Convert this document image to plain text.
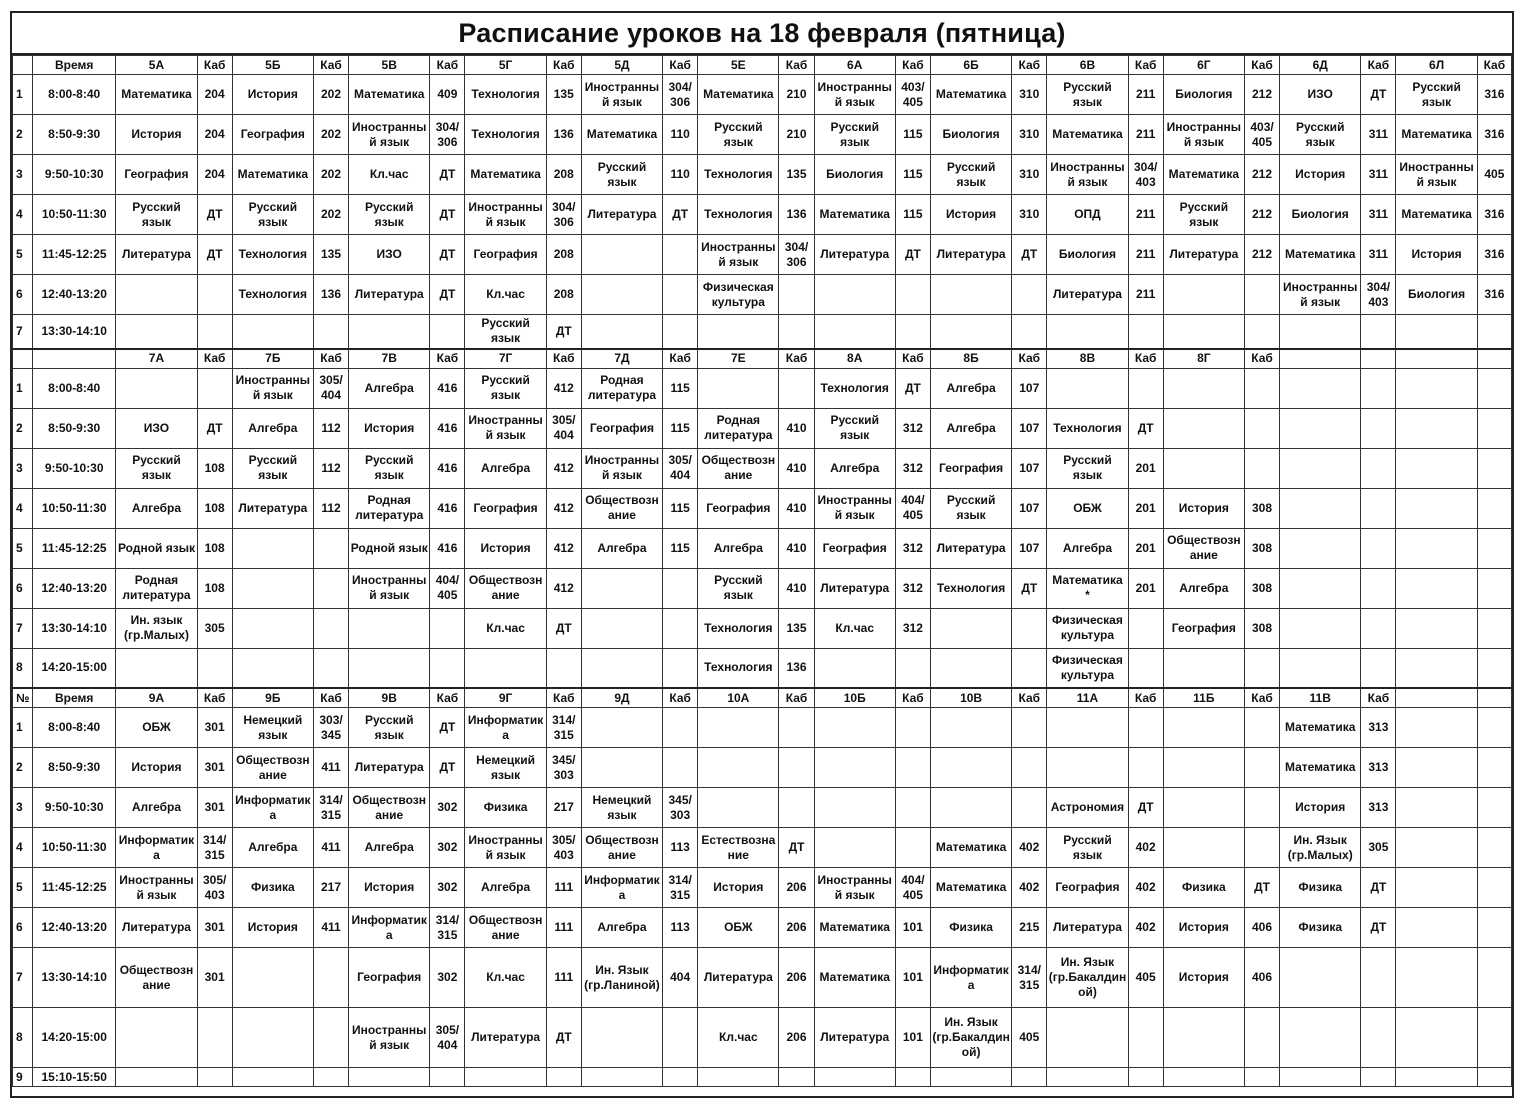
Расписание уроков на 18 февраля (пятница)
	Время	5А	Каб	5Б	Каб	5В	Каб	5Г	Каб	5Д	Каб	5Е	Каб	6А	Каб	6Б	Каб	6В	Каб	6Г	Каб	6Д	Каб	6Л	Каб
1	8:00-8:40	Математика	204	История	202	Математика	409	Технология	135	Иностранный язык	304/ 306	Математика	210	Иностранный язык	403/ 405	Математика	310	Русский язык	211	Биология	212	ИЗО	ДТ	Русский язык	316
2	8:50-9:30	История	204	География	202	Иностранный язык	304/ 306	Технология	136	Математика	110	Русский язык	210	Русский язык	115	Биология	310	Математика	211	Иностранный язык	403/ 405	Русский язык	311	Математика	316
3	9:50-10:30	География	204	Математика	202	Кл.час	ДТ	Математика	208	Русский язык	110	Технология	135	Биология	115	Русский язык	310	Иностранный язык	304/ 403	Математика	212	История	311	Иностранный язык	405
4	10:50-11:30	Русский язык	ДТ	Русский язык	202	Русский язык	ДТ	Иностранный язык	304/ 306	Литература	ДТ	Технология	136	Математика	115	История	310	ОПД	211	Русский язык	212	Биология	311	Математика	316
5	11:45-12:25	Литература	ДТ	Технология	135	ИЗО	ДТ	География	208			Иностранный язык	304/ 306	Литература	ДТ	Литература	ДТ	Биология	211	Литература	212	Математика	311	История	316
6	12:40-13:20			Технология	136	Литература	ДТ	Кл.час	208			Физическая культура						Литература	211			Иностранный язык	304/ 403	Биология	316
7	13:30-14:10							Русский язык	ДТ																
		7А	Каб	7Б	Каб	7В	Каб	7Г	Каб	7Д	Каб	7Е	Каб	8А	Каб	8Б	Каб	8В	Каб	8Г	Каб				
1	8:00-8:40			Иностранный язык	305/ 404	Алгебра	416	Русский язык	412	Родная литература	115			Технология	ДТ	Алгебра	107								
2	8:50-9:30	ИЗО	ДТ	Алгебра	112	История	416	Иностранный язык	305/ 404	География	115	Родная литература	410	Русский язык	312	Алгебра	107	Технология	ДТ						
3	9:50-10:30	Русский язык	108	Русский язык	112	Русский язык	416	Алгебра	412	Иностранный язык	305/ 404	Обществознание	410	Алгебра	312	География	107	Русский язык	201						
4	10:50-11:30	Алгебра	108	Литература	112	Родная литература	416	География	412	Обществознание	115	География	410	Иностранный язык	404/ 405	Русский язык	107	ОБЖ	201	История	308				
5	11:45-12:25	Родной язык	108			Родной язык	416	История	412	Алгебра	115	Алгебра	410	География	312	Литература	107	Алгебра	201	Обществознание	308				
6	12:40-13:20	Родная литература	108			Иностранный язык	404/ 405	Обществознание	412			Русский язык	410	Литература	312	Технология	ДТ	Математика *	201	Алгебра	308				
7	13:30-14:10	Ин. язык (гр.Малых)	305					Кл.час	ДТ			Технология	135	Кл.час	312			Физическая культура		География	308				
8	14:20-15:00											Технология	136					Физическая культура							
№	Время	9А	Каб	9Б	Каб	9В	Каб	9Г	Каб	9Д	Каб	10А	Каб	10Б	Каб	10В	Каб	11А	Каб	11Б	Каб	11В	Каб		
1	8:00-8:40	ОБЖ	301	Немецкий язык	303/ 345	Русский язык	ДТ	Информатика	314/ 315													Математика	313		
2	8:50-9:30	История	301	Обществознание	411	Литература	ДТ	Немецкий язык	345/ 303													Математика	313		
3	9:50-10:30	Алгебра	301	Информатика	314/ 315	Обществознание	302	Физика	217	Немецкий язык	345/ 303							Астрономия	ДТ			История	313		
4	10:50-11:30	Информатика	314/ 315	Алгебра	411	Алгебра	302	Иностранный язык	305/ 403	Обществознание	113	Естествознание	ДТ			Математика	402	Русский язык	402			Ин. Язык (гр.Малых)	305		
5	11:45-12:25	Иностранный язык	305/ 403	Физика	217	История	302	Алгебра	111	Информатика	314/ 315	История	206	Иностранный язык	404/ 405	Математика	402	География	402	Физика	ДТ	Физика	ДТ		
6	12:40-13:20	Литература	301	История	411	Информатика	314/ 315	Обществознание	111	Алгебра	113	ОБЖ	206	Математика	101	Физика	215	Литература	402	История	406	Физика	ДТ		
7	13:30-14:10	Обществознание	301			География	302	Кл.час	111	Ин. Язык (гр.Ланиной)	404	Литература	206	Математика	101	Информатика	314/ 315	Ин. Язык (гр.Бакалдиной)	405	История	406				
8	14:20-15:00					Иностранный язык	305/ 404	Литература	ДТ			Кл.час	206	Литература	101	Ин. Язык (гр.Бакалдиной)	405								
9	15:10-15:50																								
